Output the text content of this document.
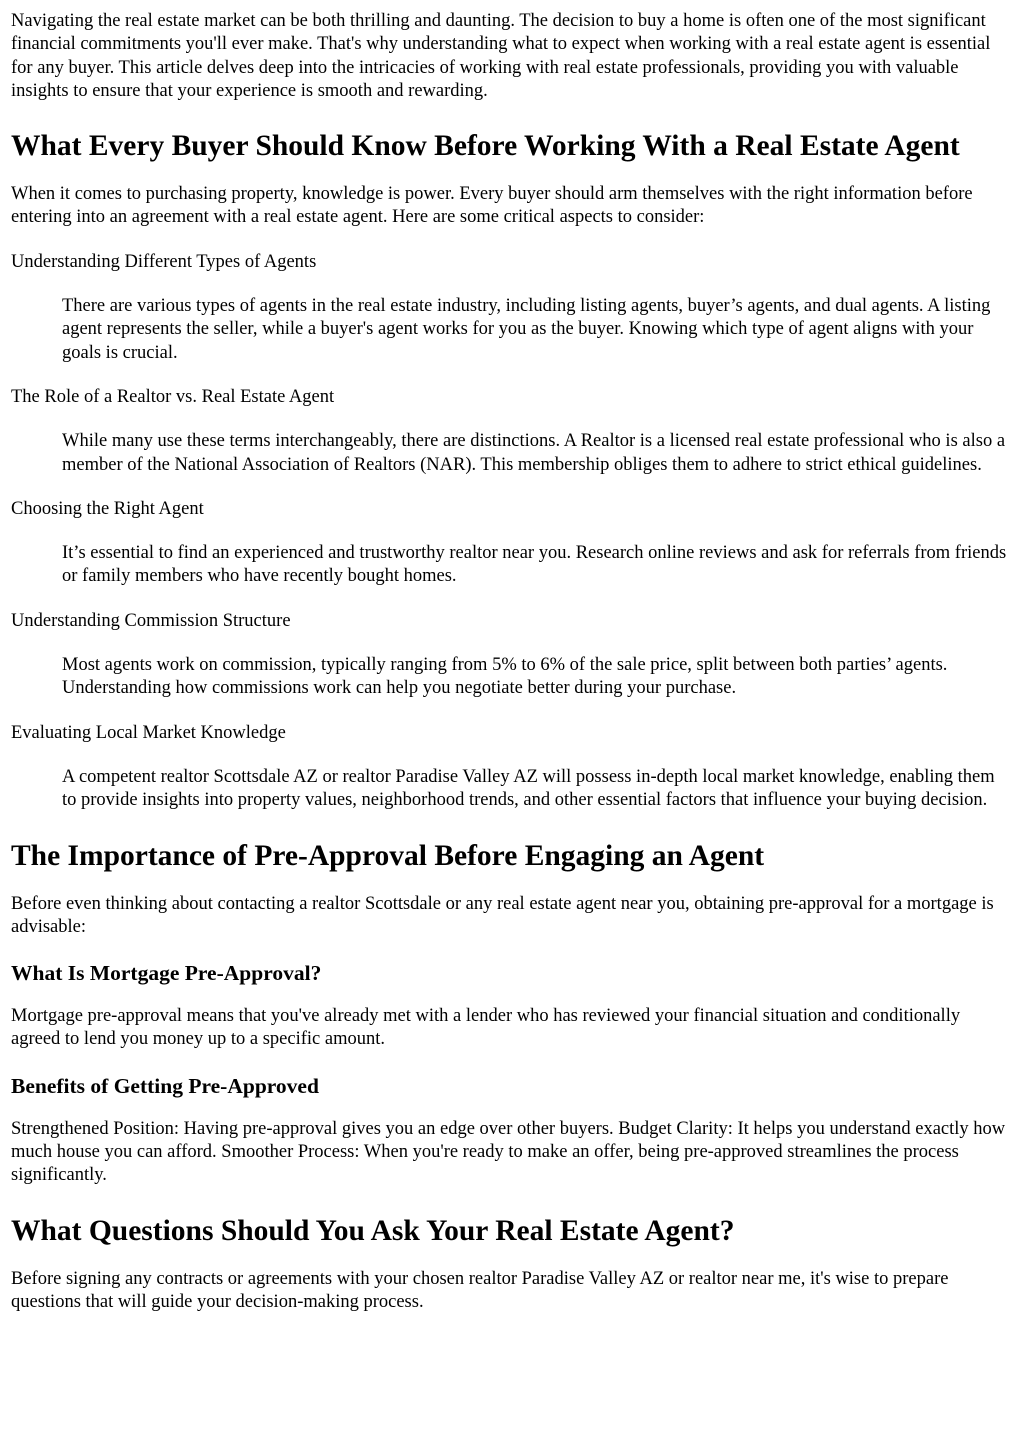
Navigating the real estate market can be both thrilling and daunting. The decision to buy a home is often one of the most significant financial commitments you'll ever make. That's why understanding what to expect when working with a real estate agent is essential for any buyer. This article delves deep into the intricacies of working with real estate professionals, providing you with valuable insights to ensure that your experience is smooth and rewarding.

What Every Buyer Should Know Before Working With a Real Estate Agent

When it comes to purchasing property, knowledge is power. Every buyer should arm themselves with the right information before entering into an agreement with a real estate agent. Here are some critical aspects to consider:

Understanding Different Types of Agents

There are various types of agents in the real estate industry, including listing agents, buyer’s agents, and dual agents. A listing agent represents the seller, while a buyer's agent works for you as the buyer. Knowing which type of agent aligns with your goals is crucial.

The Role of a Realtor vs. Real Estate Agent

While many use these terms interchangeably, there are distinctions. A Realtor is a licensed real estate professional who is also a member of the National Association of Realtors (NAR). This membership obliges them to adhere to strict ethical guidelines.

Choosing the Right Agent

It’s essential to find an experienced and trustworthy realtor near you. Research online reviews and ask for referrals from friends or family members who have recently bought homes.

Understanding Commission Structure

Most agents work on commission, typically ranging from 5% to 6% of the sale price, split between both parties’ agents. Understanding how commissions work can help you negotiate better during your purchase.

Evaluating Local Market Knowledge

A competent realtor Scottsdale AZ or realtor Paradise Valley AZ will possess in-depth local market knowledge, enabling them to provide insights into property values, neighborhood trends, and other essential factors that influence your buying decision.

The Importance of Pre-Approval Before Engaging an Agent

Before even thinking about contacting a realtor Scottsdale or any real estate agent near you, obtaining pre-approval for a mortgage is advisable:

What Is Mortgage Pre-Approval?

Mortgage pre-approval means that you've already met with a lender who has reviewed your financial situation and conditionally agreed to lend you money up to a specific amount.

Benefits of Getting Pre-Approved

Strengthened Position: Having pre-approval gives you an edge over other buyers. Budget Clarity: It helps you understand exactly how much house you can afford. Smoother Process: When you're ready to make an offer, being pre-approved streamlines the process significantly.

What Questions Should You Ask Your Real Estate Agent?

Before signing any contracts or agreements with your chosen realtor Paradise Valley AZ or realtor near me, it's wise to prepare questions that will guide your decision-making process.
